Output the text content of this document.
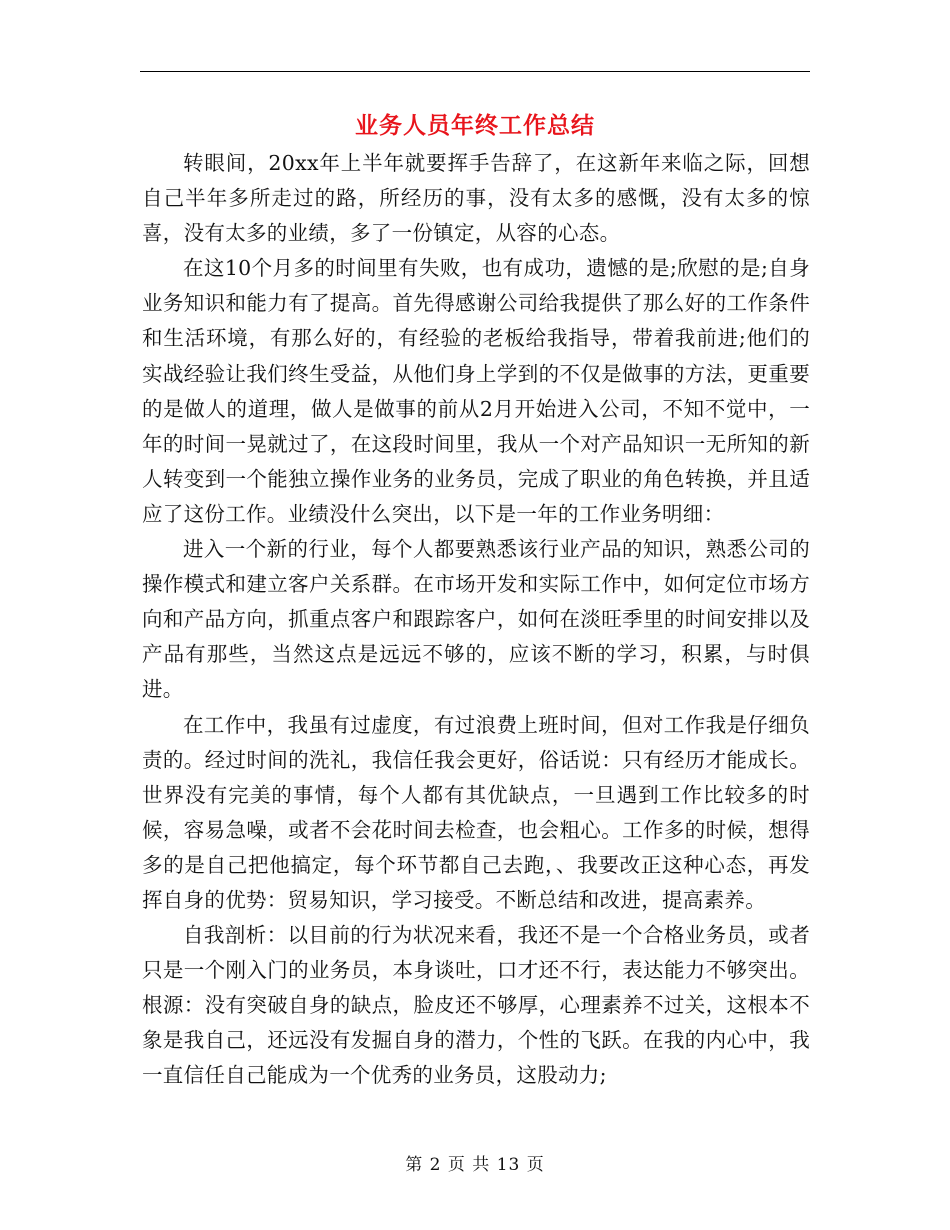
业务人员年终工作总结

转眼间，20xx年上半年就要挥手告辞了，在这新年来临之际，回想自己半年多所走过的路，所经历的事，没有太多的感慨，没有太多的惊喜，没有太多的业绩，多了一份镇定，从容的心态。

在这10个月多的时间里有失败，也有成功，遗憾的是;欣慰的是;自身业务知识和能力有了提高。首先得感谢公司给我提供了那么好的工作条件和生活环境，有那么好的，有经验的老板给我指导，带着我前进;他们的实战经验让我们终生受益，从他们身上学到的不仅是做事的方法，更重要的是做人的道理，做人是做事的前从2月开始进入公司，不知不觉中，一年的时间一晃就过了，在这段时间里，我从一个对产品知识一无所知的新人转变到一个能独立操作业务的业务员，完成了职业的角色转换，并且适应了这份工作。业绩没什么突出，以下是一年的工作业务明细：

进入一个新的行业，每个人都要熟悉该行业产品的知识，熟悉公司的操作模式和建立客户关系群。在市场开发和实际工作中，如何定位市场方向和产品方向，抓重点客户和跟踪客户，如何在淡旺季里的时间安排以及产品有那些，当然这点是远远不够的，应该不断的学习，积累，与时俱进。

在工作中，我虽有过虚度，有过浪费上班时间，但对工作我是仔细负责的。经过时间的洗礼，我信任我会更好，俗话说：只有经历才能成长。世界没有完美的事情，每个人都有其优缺点，一旦遇到工作比较多的时候，容易急噪，或者不会花时间去检查，也会粗心。工作多的时候，想得多的是自己把他搞定，每个环节都自己去跑，、我要改正这种心态，再发挥自身的优势：贸易知识，学习接受。不断总结和改进，提高素养。

自我剖析：以目前的行为状况来看，我还不是一个合格业务员，或者只是一个刚入门的业务员，本身谈吐，口才还不行，表达能力不够突出。根源：没有突破自身的缺点，脸皮还不够厚，心理素养不过关，这根本不象是我自己，还远没有发掘自身的潜力，个性的飞跃。在我的内心中，我一直信任自己能成为一个优秀的业务员，这股动力;

第 2 页 共 13 页
